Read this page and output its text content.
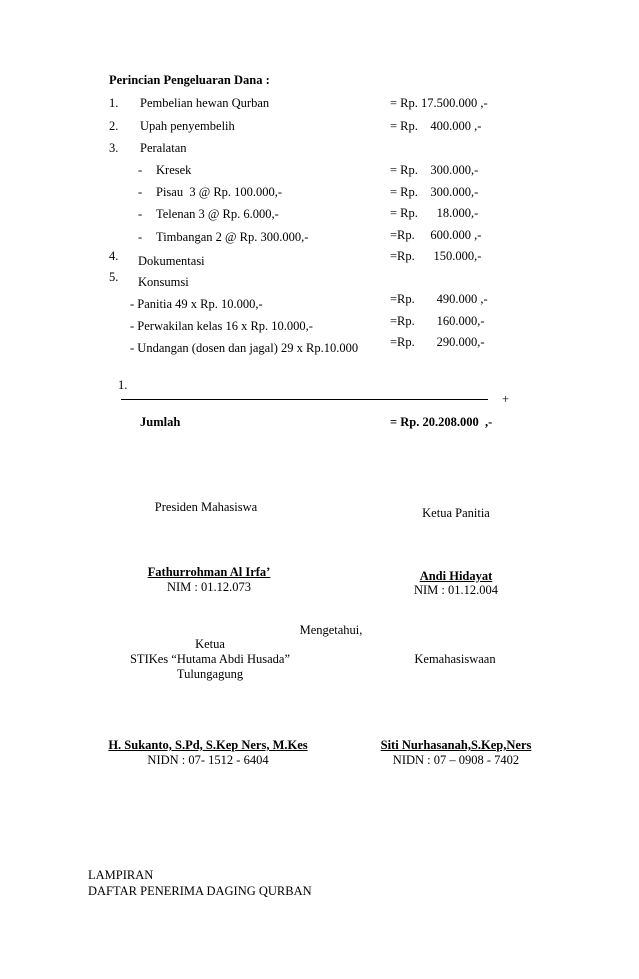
Perincian Pengeluaran Dana :
1. Pembelian hewan Qurban	= Rp. 17.500.000 ,-
2. Upah penyembelih	= Rp.    400.000 ,-
3. Peralatan
- Kresek	= Rp.    300.000,-
- Pisau  3 @ Rp. 100.000,-	= Rp.    300.000,-
- Telenan 3 @ Rp. 6.000,-	= Rp.      18.000,-
- Timbangan 2 @ Rp. 300.000,-	=Rp.     600.000 ,-
4. Dokumentasi	=Rp.      150.000,-
5. Konsumsi
- Panitia 49 x Rp. 10.000,-	=Rp.       490.000 ,-
- Perwakilan kelas 16 x Rp. 10.000,-	=Rp.       160.000,-
- Undangan (dosen dan jagal) 29 x Rp.10.000	=Rp.       290.000,-
1.
+
Jumlah	= Rp. 20.208.000  ,-
Presiden Mahasiswa	Ketua Panitia
Fathurrohman Al Irfa’
NIM : 01.12.073
Andi Hidayat
NIM : 01.12.004
Mengetahui,
Ketua
STIKes “Hutama Abdi Husada”
Tulungagung
Kemahasiswaan
H. Sukanto, S.Pd, S.Kep Ners, M.Kes
NIDN : 07- 1512 - 6404
Siti Nurhasanah,S.Kep,Ners
NIDN : 07 – 0908 - 7402
LAMPIRAN
DAFTAR PENERIMA DAGING QURBAN
